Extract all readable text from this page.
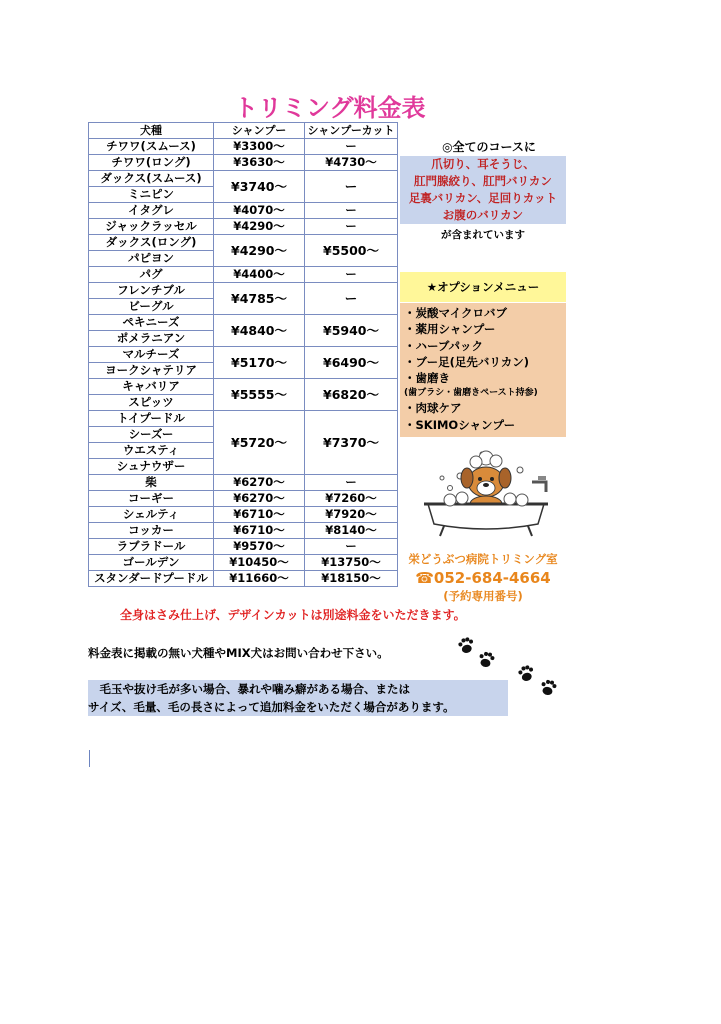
トリミング料金表
犬種	シャンプー	シャンプーカット
チワワ(スムース)	¥3300〜	ー
チワワ(ロング)	¥3630〜	¥4730〜
ダックス(スムース)	¥3740〜	ー
ミニピン		
イタグレ	¥4070〜	ー
ジャックラッセル	¥4290〜	ー
ダックス(ロング)	¥4290〜	¥5500〜
パピヨン		
パグ	¥4400〜	ー
フレンチブル	¥4785〜	ー
ビーグル		
ペキニーズ	¥4840〜	¥5940〜
ポメラニアン		
マルチーズ	¥5170〜	¥6490〜
ヨークシャテリア		
キャバリア	¥5555〜	¥6820〜
スピッツ		
トイプードル	¥5720〜	¥7370〜
シーズー		
ウエスティ		
シュナウザー		
柴	¥6270〜	ー
コーギー	¥6270〜	¥7260〜
シェルティ	¥6710〜	¥7920〜
コッカー	¥6710〜	¥8140〜
ラブラドール	¥9570〜	ー
ゴールデン	¥10450〜	¥13750〜
スタンダードプードル	¥11660〜	¥18150〜
◎全てのコースに
爪切り、耳そうじ、
肛門腺絞り、肛門バリカン
足裏バリカン、足回りカット
お腹のバリカン
が含まれています
★オプションメニュー
・炭酸マイクロバブ
・薬用シャンプー
・ハーブパック
・ブー足(足先バリカン)
・歯磨き
(歯ブラシ・歯磨きペースト持参)
・肉球ケア
・SKIMOシャンプー
栄どうぶつ病院トリミング室
☎052-684-4664
(予約専用番号)
全身はさみ仕上げ、デザインカットは別途料金をいただきます。
料金表に掲載の無い犬種やMIX犬はお問い合わせ下さい。
　毛玉や抜け毛が多い場合、暴れや噛み癖がある場合、または
サイズ、毛量、毛の長さによって追加料金をいただく場合があります。
